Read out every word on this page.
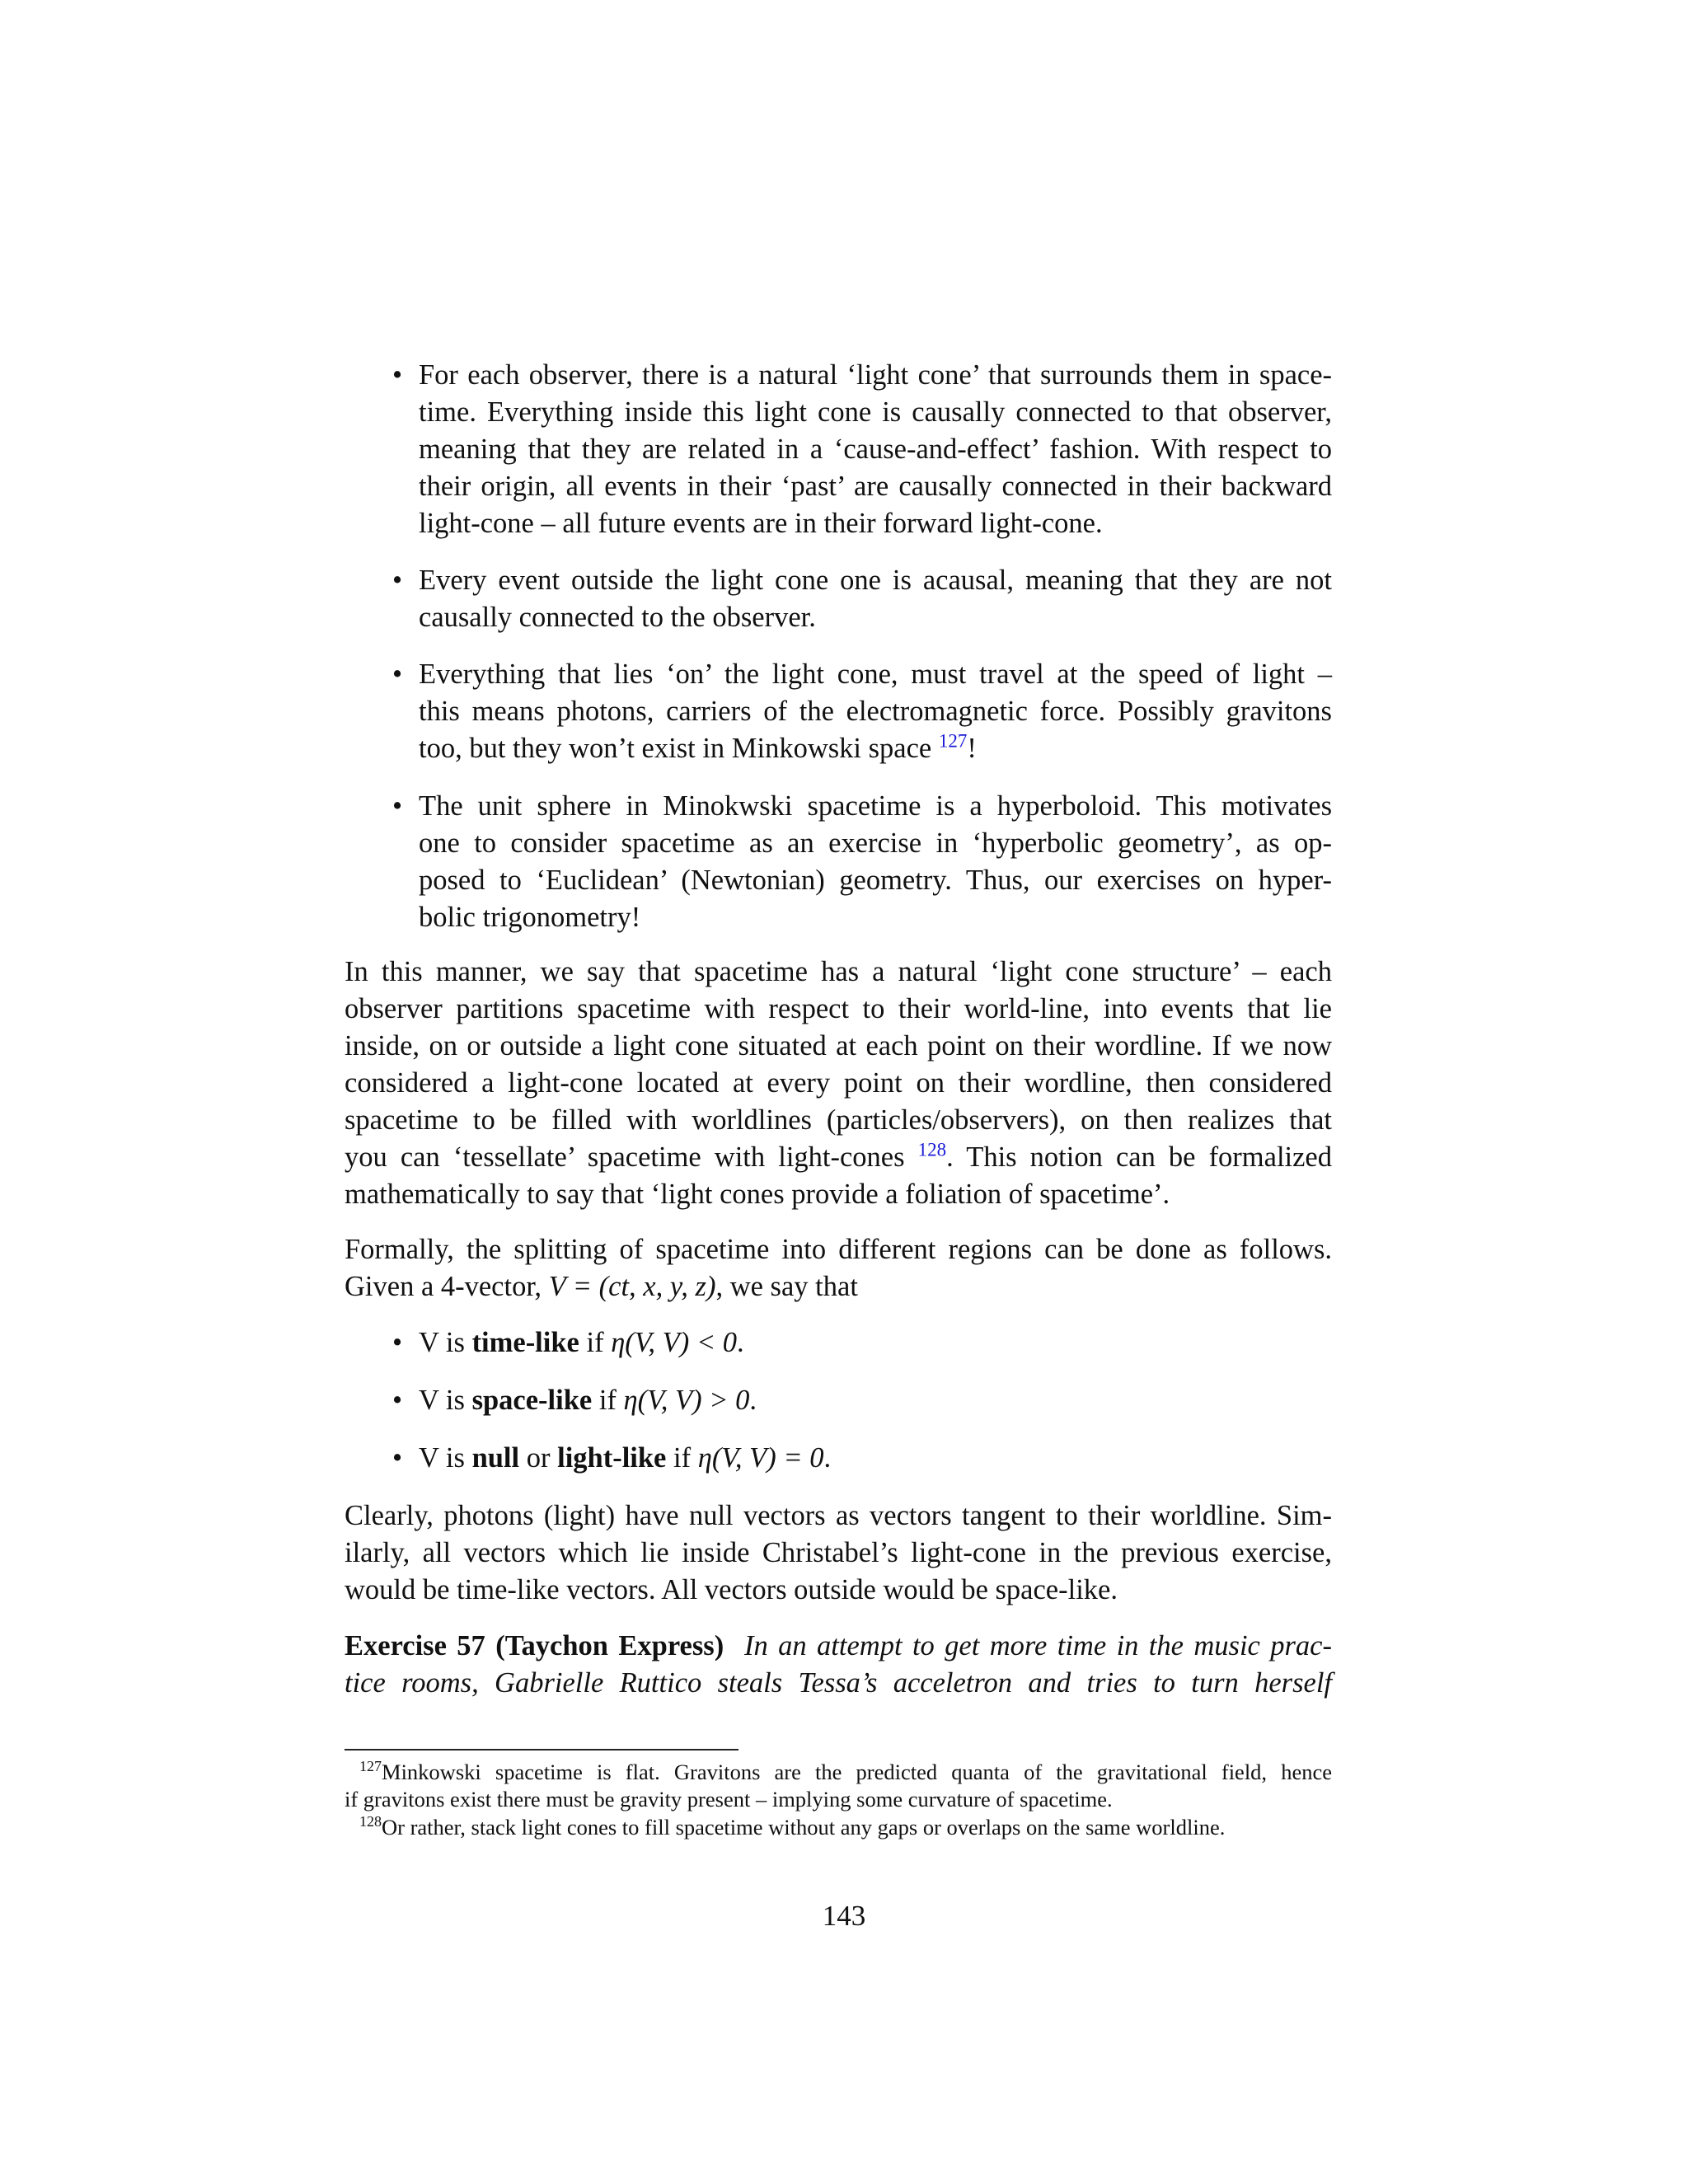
• For each observer, there is a natural ‘light cone’ that surrounds them in space-
time. Everything inside this light cone is causally connected to that observer,
meaning that they are related in a ‘cause-and-effect’ fashion. With respect to
their origin, all events in their ‘past’ are causally connected in their backward
light-cone – all future events are in their forward light-cone.
• Every event outside the light cone one is acausal, meaning that they are not
causally connected to the observer.
• Everything that lies ‘on’ the light cone, must travel at the speed of light –
this means photons, carriers of the electromagnetic force. Possibly gravitons
too, but they won’t exist in Minkowski space $^{127}$!
• The unit sphere in Minokwski spacetime is a hyperboloid. This motivates
one to consider spacetime as an exercise in ‘hyperbolic geometry’, as op-
posed to ‘Euclidean’ (Newtonian) geometry. Thus, our exercises on hyper-
bolic trigonometry!
In this manner, we say that spacetime has a natural ‘light cone structure’ – each
observer partitions spacetime with respect to their world-line, into events that lie
inside, on or outside a light cone situated at each point on their wordline. If we now
considered a light-cone located at every point on their wordline, then considered
spacetime to be filled with worldlines (particles/observers), on then realizes that
you can ‘tessellate’ spacetime with light-cones $^{128}$. This notion can be formalized
mathematically to say that ‘light cones provide a foliation of spacetime’.
Formally, the splitting of spacetime into different regions can be done as follows.
Given a 4-vector, V = (ct, x, y, z), we say that
• V is time-like if η(V, V) < 0.
• V is space-like if η(V, V) > 0.
• V is null or light-like if η(V, V) = 0.
Clearly, photons (light) have null vectors as vectors tangent to their worldline. Sim-
ilarly, all vectors which lie inside Christabel’s light-cone in the previous exercise,
would be time-like vectors. All vectors outside would be space-like.
Exercise 57 (Taychon Express) In an attempt to get more time in the music prac-
tice rooms, Gabrielle Ruttico steals Tessa’s acceletron and tries to turn herself
$^{127}$Minkowski spacetime is flat. Gravitons are the predicted quanta of the gravitational field, hence
if gravitons exist there must be gravity present – implying some curvature of spacetime.
$^{128}$Or rather, stack light cones to fill spacetime without any gaps or overlaps on the same worldline.
143
